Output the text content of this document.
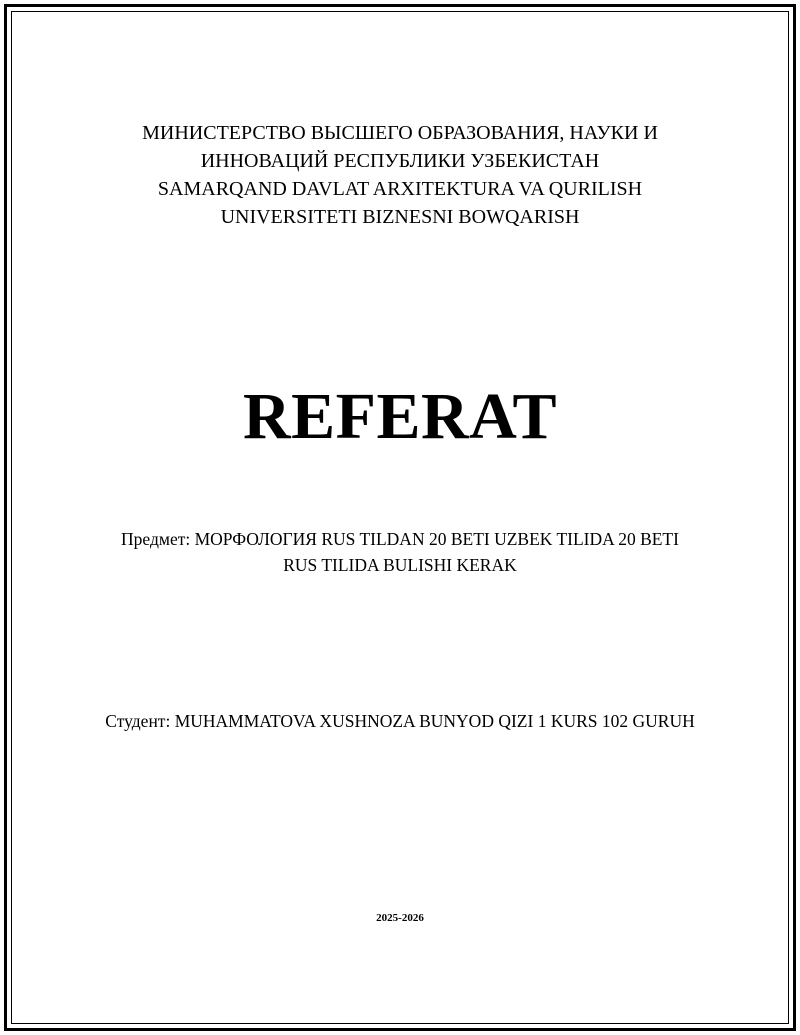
МИНИСТЕРСТВО ВЫСШЕГО ОБРАЗОВАНИЯ, НАУКИ И
ИННОВАЦИЙ РЕСПУБЛИКИ УЗБЕКИСТАН
SAMARQAND DAVLAT ARXITEKTURA VA QURILISH
UNIVERSITETI BIZNESNI BOWQARISH
REFERAT
Предмет: МОРФОЛОГИЯ RUS TILDAN 20 BETI UZBEK TILIDA 20 BETI RUS TILIDA BULISHI KERAK
Студент: MUHAMMATOVA XUSHNOZA BUNYOD QIZI 1 KURS 102 GURUH
2025-2026
